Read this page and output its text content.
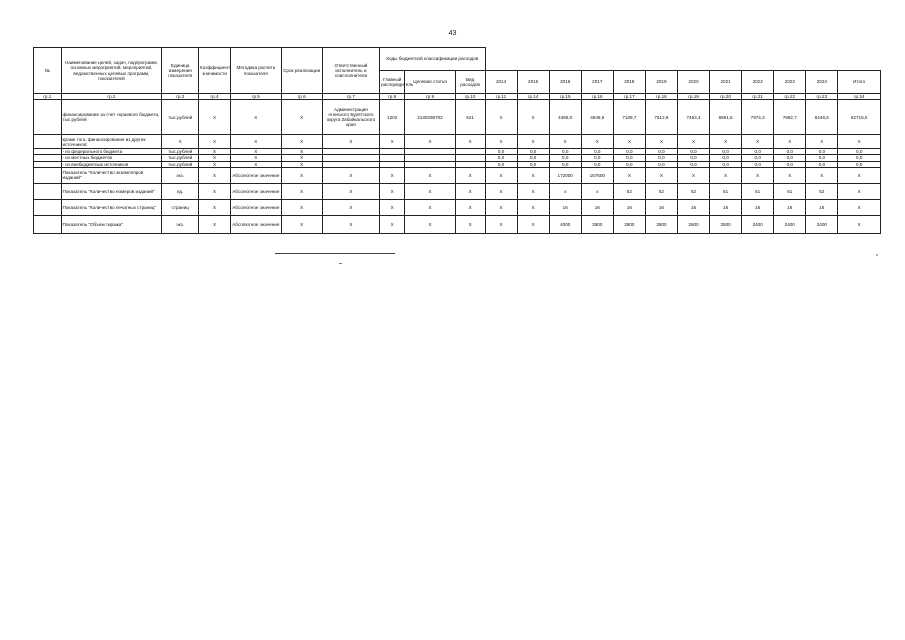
43
№	Наименование целей, задач, подпрограмм, основных мероприятий, мероприятий, ведомственных целевых программ, показателей	Единица измерения показателя	Коэффициент значимости	Методика расчета показателя	Срок реализации	Ответственный исполнитель и соисполнители	Коды бюджетной классификации расходов														
							Главный распорядитель	Целевая статья	Вид расходов	2014	2015	2016	2017	2018	2019	2020	2021	2022	2023	2024	Итого
гр.1	гр.2	гр.3	гр.4	гр.5	гр.6	гр.7	гр.8	гр.9	гр.10	гр.11	гр.14	гр.15	гр.16	гр.17	гр.18	гр.19	гр.20	гр.21	гр.22	гр.23	гр.24
	финансирование за счет «краевого бюджета, тыс.рублей	тыс.рублей	Х	Х	Х	Администрация Агинского Бурятского округа Забайкальского края	1202	2130298702	621	Х	Х	4466,0	4849,5	7109,7	7612,9	7463,4	6691,5	7974,3	7982,7	8246,5	62715,5
	кроме того, финансирование из других источников:	Х	Х	Х	Х	Х	Х	Х	Х	Х	Х	Х	Х	Х	Х	Х	Х	Х	Х	Х	Х
	- из федерального бюджета	тыс.рублей	Х	Х	Х					0,0	0,0	0,0	0,0	0,0	0,0	0,0	0,0	0,0	0,0	0,0	0,0
	- из местных бюджетов	тыс.рублей	Х	Х	Х					0,0	0,0	0,0	0,0	0,0	0,0	0,0	0,0	0,0	0,0	0,0	0,0
	- из внебюджетных источников	тыс.рублей	Х	Х	Х					0,0	0,0	0,0	0,0	0,0	0,0	0,0	0,0	0,0	0,0	0,0	0,0
	Показатель "Количество экземпляров изданий"	экз.	Х	Абсолютное значение	Х	Х	Х	Х	Х	Х	Х	172000	157600	Х	Х	Х	Х	Х	Х	Х	Х
	Показатель "Количество номеров изданий"	ед.	Х	Абсолютное значение	Х	Х	Х	Х	Х	Х	Х	х	х	52	52	52	51	51	51	52	Х
	Показатель "Количество печатных страниц"	страниц	Х	Абсолютное значение	Х	Х	Х	Х	Х	Х	Х	16	16	16	16	16	16	16	16	16	Х
	Показатель "Объем тиража"	экз.	Х	Абсолютное значение	Х	Х	Х	Х	Х	Х	Х	4000	3500	2800	2800	2600	2500	2400	2400	2400	Х
*
